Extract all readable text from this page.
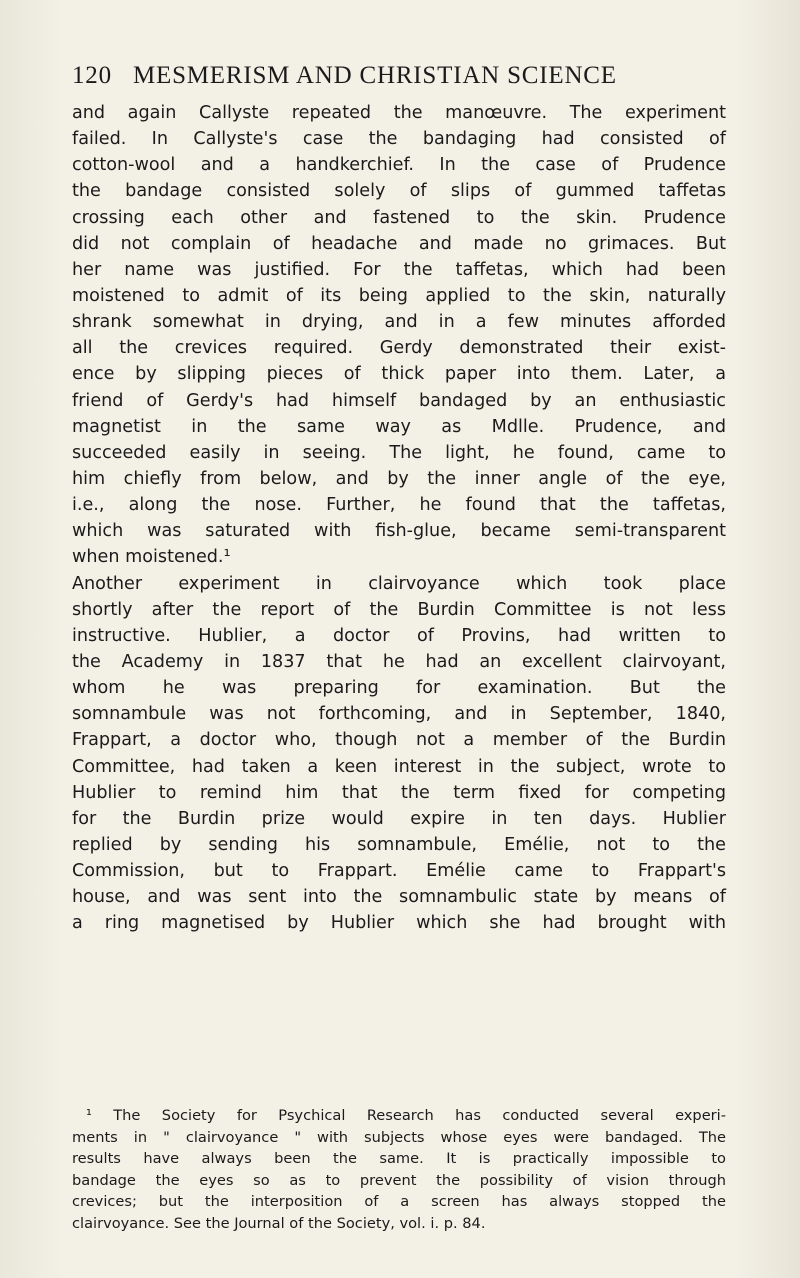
120 MESMERISM AND CHRISTIAN SCIENCE
and again Callyste repeated the manœuvre. The experiment
failed. In Callyste's case the bandaging had consisted of
cotton-wool and a handkerchief. In the case of Prudence
the bandage consisted solely of slips of gummed taffetas
crossing each other and fastened to the skin. Prudence
did not complain of headache and made no grimaces. But
her name was justified. For the taffetas, which had been
moistened to admit of its being applied to the skin, naturally
shrank somewhat in drying, and in a few minutes afforded
all the crevices required. Gerdy demonstrated their exist-
ence by slipping pieces of thick paper into them. Later, a
friend of Gerdy's had himself bandaged by an enthusiastic
magnetist in the same way as Mdlle. Prudence, and
succeeded easily in seeing. The light, he found, came to
him chiefly from below, and by the inner angle of the eye,
i.e., along the nose. Further, he found that the taffetas,
which was saturated with fish-glue, became semi-transparent
when moistened.¹
Another experiment in clairvoyance which took place
shortly after the report of the Burdin Committee is not less
instructive. Hublier, a doctor of Provins, had written to
the Academy in 1837 that he had an excellent clairvoyant,
whom he was preparing for examination. But the
somnambule was not forthcoming, and in September, 1840,
Frappart, a doctor who, though not a member of the Burdin
Committee, had taken a keen interest in the subject, wrote to
Hublier to remind him that the term fixed for competing
for the Burdin prize would expire in ten days. Hublier
replied by sending his somnambule, Emélie, not to the
Commission, but to Frappart. Emélie came to Frappart's
house, and was sent into the somnambulic state by means of
a ring magnetised by Hublier which she had brought with
¹ The Society for Psychical Research has conducted several experi-
ments in " clairvoyance " with subjects whose eyes were bandaged. The
results have always been the same. It is practically impossible to
bandage the eyes so as to prevent the possibility of vision through
crevices; but the interposition of a screen has always stopped the
clairvoyance. See the Journal of the Society, vol. i. p. 84.
